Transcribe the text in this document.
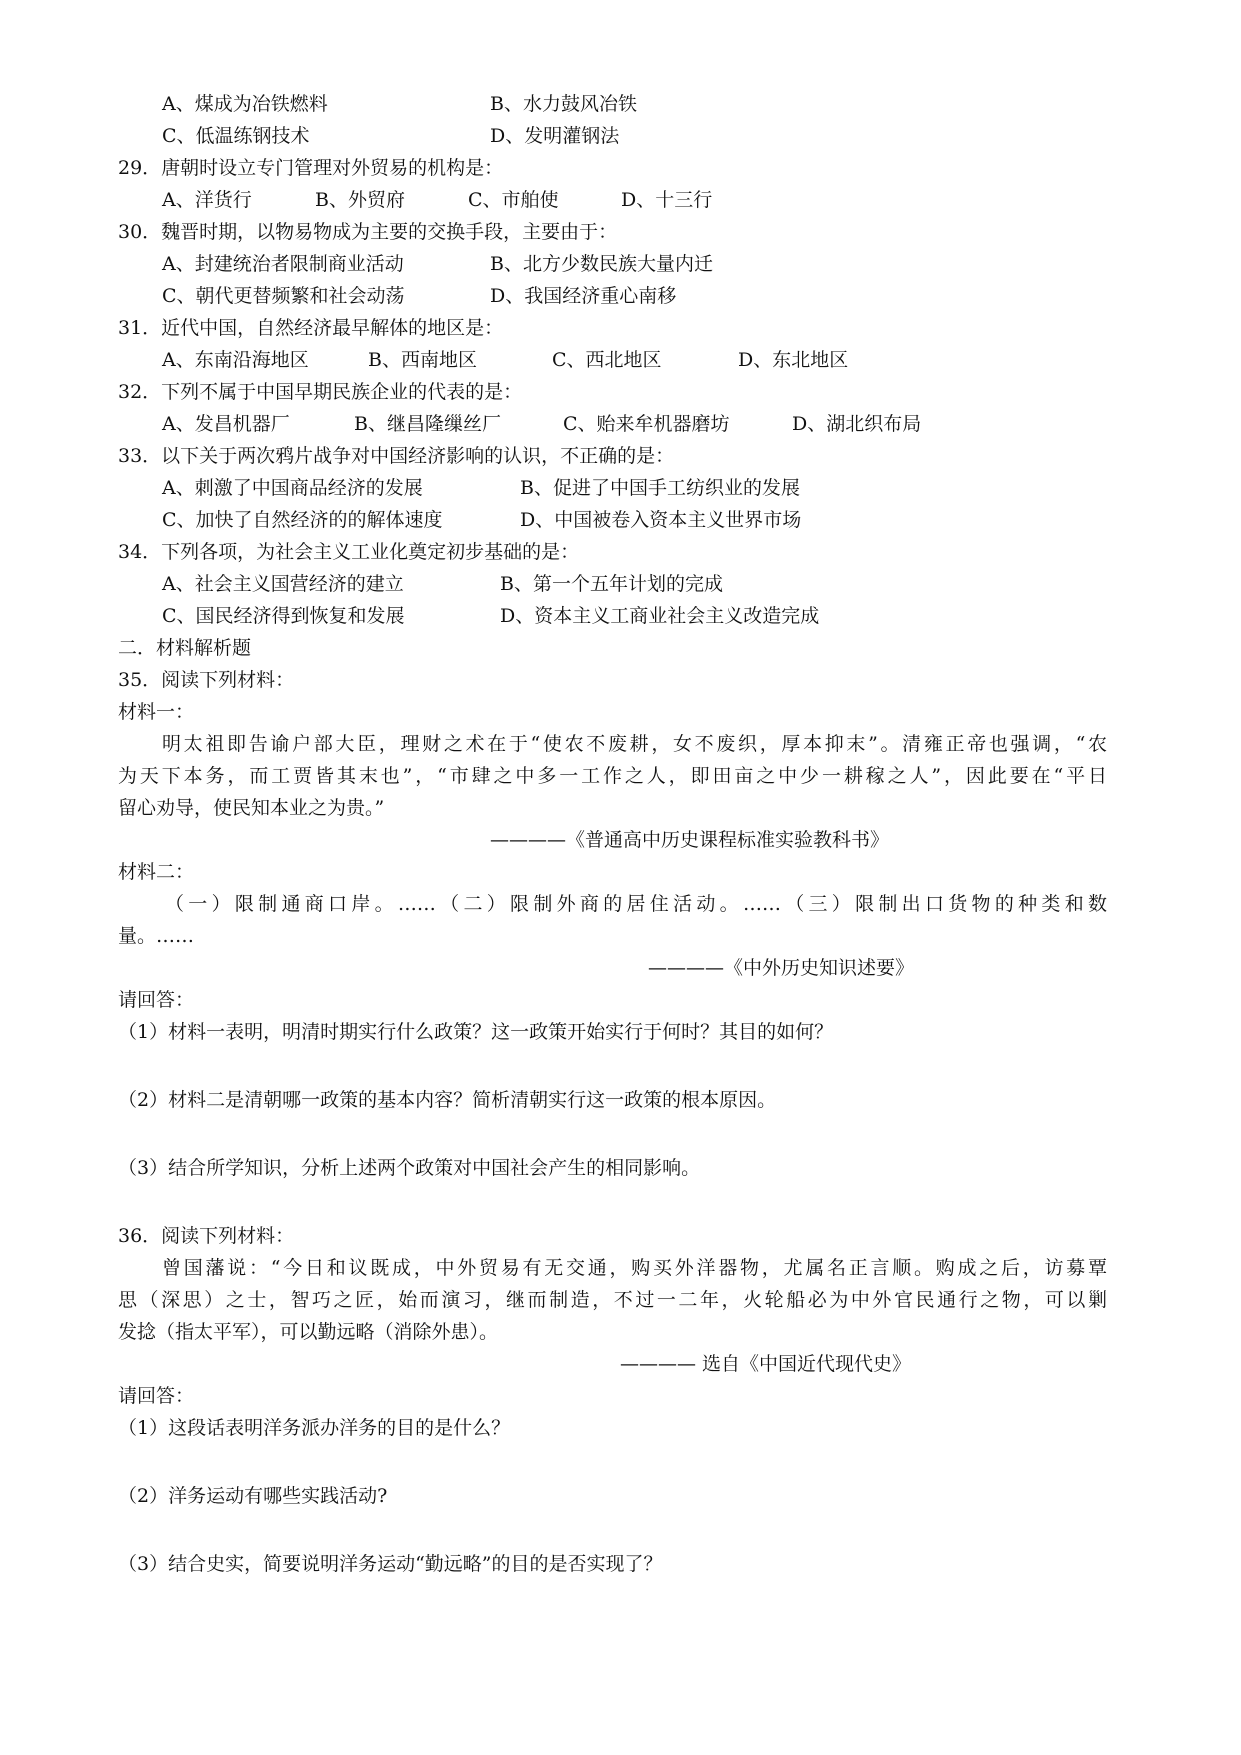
A、煤成为冶铁燃料	B、水力鼓风冶铁
C、低温练钢技术	D、发明灌钢法
29．唐朝时设立专门管理对外贸易的机构是：
A、洋货行	B、外贸府	C、市舶使	D、十三行
30．魏晋时期，以物易物成为主要的交换手段，主要由于：
A、封建统治者限制商业活动	B、北方少数民族大量内迁
C、朝代更替频繁和社会动荡	D、我国经济重心南移
31．近代中国，自然经济最早解体的地区是：
A、东南沿海地区	B、西南地区	C、西北地区	D、东北地区
32．下列不属于中国早期民族企业的代表的是：
A、发昌机器厂	B、继昌隆缫丝厂	C、贻来牟机器磨坊	D、湖北织布局
33．以下关于两次鸦片战争对中国经济影响的认识，不正确的是：
A、刺激了中国商品经济的发展	B、促进了中国手工纺织业的发展
C、加快了自然经济的的解体速度	D、中国被卷入资本主义世界市场
34．下列各项，为社会主义工业化奠定初步基础的是：
A、社会主义国营经济的建立	B、第一个五年计划的完成
C、国民经济得到恢复和发展	D、资本主义工商业社会主义改造完成
二．材料解析题
35．阅读下列材料：
材料一：
明太祖即告谕户部大臣，理财之术在于“使农不废耕，女不废织，厚本抑末”。清雍正帝也强调，“农
为天下本务，而工贾皆其末也”，“市肆之中多一工作之人，即田亩之中少一耕稼之人”，因此要在“平日
留心劝导，使民知本业之为贵。”
————《普通高中历史课程标准实验教科书》
材料二：
（一）限制通商口岸。……（二）限制外商的居住活动。……（三）限制出口货物的种类和数
量。……
————《中外历史知识述要》
请回答：
（1）材料一表明，明清时期实行什么政策？这一政策开始实行于何时？其目的如何？
（2）材料二是清朝哪一政策的基本内容？简析清朝实行这一政策的根本原因。
（3）结合所学知识，分析上述两个政策对中国社会产生的相同影响。
36．阅读下列材料：
曾国藩说：“今日和议既成，中外贸易有无交通，购买外洋器物，尤属名正言顺。购成之后，访募覃
思（深思）之士，智巧之匠，始而演习，继而制造，不过一二年，火轮船必为中外官民通行之物，可以剿
发捻（指太平军），可以勤远略（消除外患）。
———— 选自《中国近代现代史》
请回答：
（1）这段话表明洋务派办洋务的目的是什么？
（2）洋务运动有哪些实践活动?
（3）结合史实，简要说明洋务运动“勤远略”的目的是否实现了？
